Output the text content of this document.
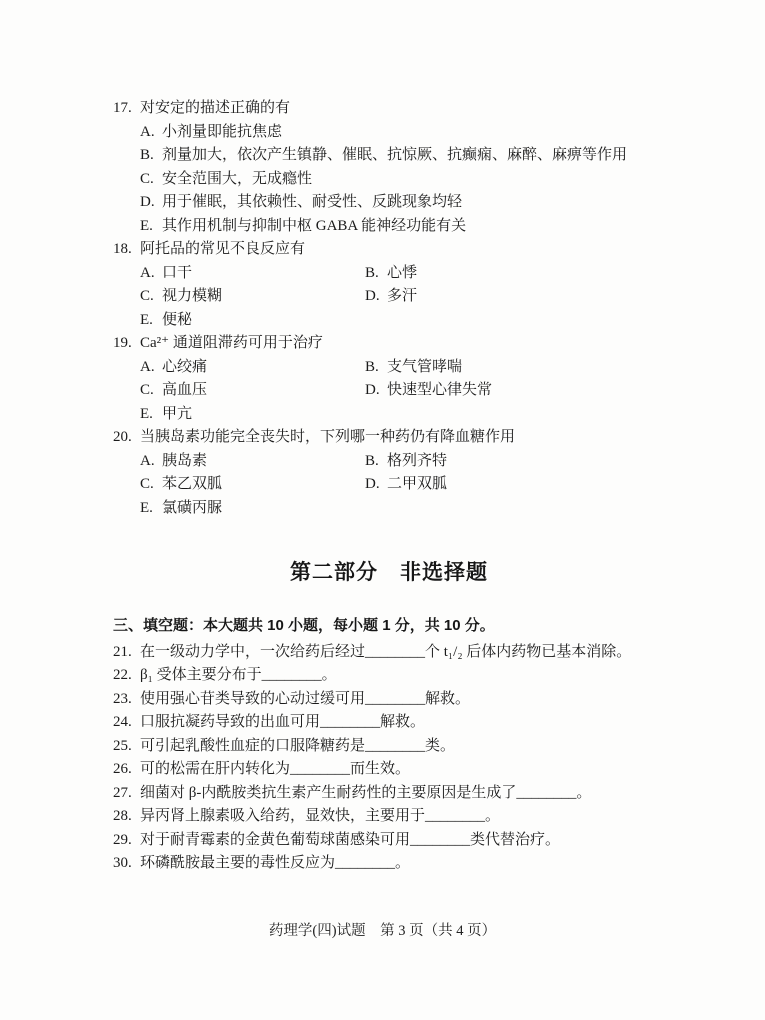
17. 对安定的描述正确的有
A. 小剂量即能抗焦虑
B. 剂量加大，依次产生镇静、催眠、抗惊厥、抗癫痫、麻醉、麻痹等作用
C. 安全范围大，无成瘾性
D. 用于催眠，其依赖性、耐受性、反跳现象均轻
E. 其作用机制与抑制中枢 GABA 能神经功能有关
18. 阿托品的常见不良反应有
A. 口干	B. 心悸
C. 视力模糊	D. 多汗
E. 便秘
19. Ca²⁺ 通道阻滞药可用于治疗
A. 心绞痛	B. 支气管哮喘
C. 高血压	D. 快速型心律失常
E. 甲亢
20. 当胰岛素功能完全丧失时，下列哪一种药仍有降血糖作用
A. 胰岛素	B. 格列齐特
C. 苯乙双胍	D. 二甲双胍
E. 氯磺丙脲
第二部分　非选择题
三、填空题：本大题共 10 小题，每小题 1 分，共 10 分。
21. 在一级动力学中，一次给药后经过________个 t₁/₂ 后体内药物已基本消除。
22. β₁ 受体主要分布于________。
23. 使用强心苷类导致的心动过缓可用________解救。
24. 口服抗凝药导致的出血可用________解救。
25. 可引起乳酸性血症的口服降糖药是________类。
26. 可的松需在肝内转化为________而生效。
27. 细菌对 β-内酰胺类抗生素产生耐药性的主要原因是生成了________。
28. 异丙肾上腺素吸入给药，显效快，主要用于________。
29. 对于耐青霉素的金黄色葡萄球菌感染可用________类代替治疗。
30. 环磷酰胺最主要的毒性反应为________。
药理学(四)试题　第 3 页（共 4 页）
